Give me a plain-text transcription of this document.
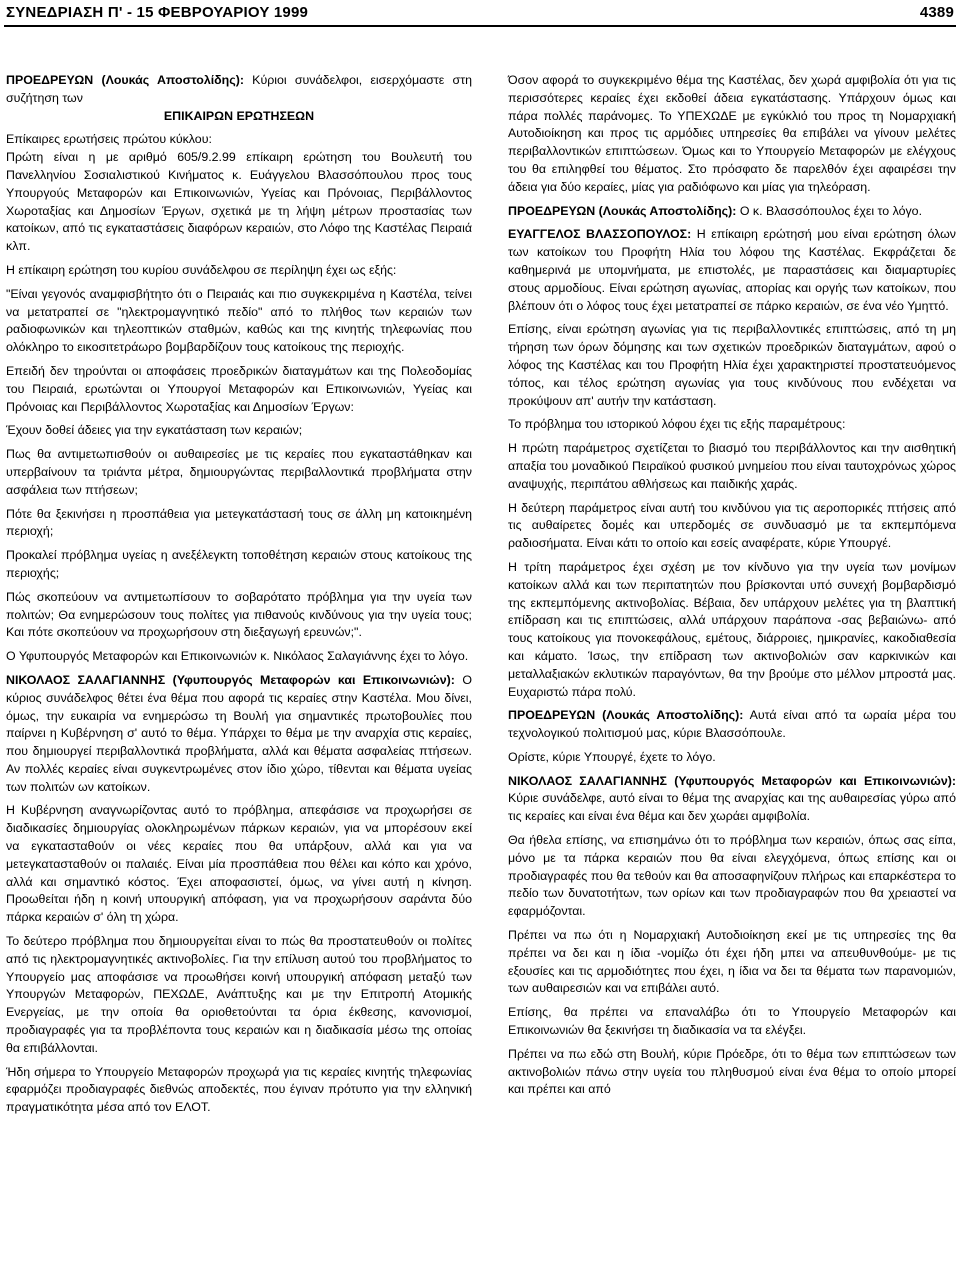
ΣΥΝΕΔΡΙΑΣΗ Π' - 15 ΦΕΒΡΟΥΑΡΙΟΥ 1999	4389

ΠΡΟΕΔΡΕΥΩΝ (Λουκάς Αποστολίδης): Κύριοι συνάδελφοι, εισερχόμαστε στη συζήτηση των

ΕΠΙΚΑΙΡΩΝ ΕΡΩΤΗΣΕΩΝ

Επίκαιρες ερωτήσεις πρώτου κύκλου:

Πρώτη είναι η με αριθμό 605/9.2.99 επίκαιρη ερώτηση του Βουλευτή του Πανελληνίου Σοσιαλιστικού Κινήματος κ. Ευάγγελου Βλασσόπουλου προς τους Υπουργούς Μεταφορών και Επικοινωνιών, Υγείας και Πρόνοιας, Περιβάλλοντος Χωροταξίας και Δημοσίων Έργων, σχετικά με τη λήψη μέτρων προστασίας των κατοίκων, από τις εγκαταστάσεις διαφόρων κεραιών, στο Λόφο της Καστέλας Πειραιά κλπ.

Η επίκαιρη ερώτηση του κυρίου συνάδελφου σε περίληψη έχει ως εξής:

"Είναι γεγονός αναμφισβήτητο ότι ο Πειραιάς και πιο συγκεκριμένα η Καστέλα, τείνει να μετατραπεί σε "ηλεκτρομαγνητικό πεδίο" από το πλήθος των κεραιών των ραδιοφωνικών και τηλεοπτικών σταθμών, καθώς και της κινητής τηλεφωνίας που ολόκληρο το εικοσιτετράωρο βομβαρδίζουν τους κατοίκους της περιοχής.

Επειδή δεν τηρούνται οι αποφάσεις προεδρικών διαταγμάτων και της Πολεοδομίας του Πειραιά, ερωτώνται οι Υπουργοί Μεταφορών και Επικοινωνιών, Υγείας και Πρόνοιας και Περιβάλλοντος Χωροταξίας και Δημοσίων Έργων:

Έχουν δοθεί άδειες για την εγκατάσταση των κεραιών;

Πως θα αντιμετωπισθούν οι αυθαιρεσίες με τις κεραίες που εγκαταστάθηκαν και υπερβαίνουν τα τριάντα μέτρα, δημιουργώντας περιβαλλοντικά προβλήματα στην ασφάλεια των πτήσεων;

Πότε θα ξεκινήσει η προσπάθεια για μετεγκατάστασή τους σε άλλη μη κατοικημένη περιοχή;

Προκαλεί πρόβλημα υγείας η ανεξέλεγκτη τοποθέτηση κεραιών στους κατοίκους της περιοχής;

Πώς σκοπεύουν να αντιμετωπίσουν το σοβαρότατο πρόβλημα για την υγεία των πολιτών; Θα ενημερώσουν τους πολίτες για πιθανούς κινδύνους για την υγεία τους; Και πότε σκοπεύουν να προχωρήσουν στη διεξαγωγή ερευνών;".

Ο Υφυπουργός Μεταφορών και Επικοινωνιών κ. Νικόλαος Σαλαγιάννης έχει το λόγο.

ΝΙΚΟΛΑΟΣ ΣΑΛΑΓΙΑΝΝΗΣ (Υφυπουργός Μεταφορών και Επικοινωνιών): Ο κύριος συνάδελφος θέτει ένα θέμα που αφορά τις κεραίες στην Καστέλα. Μου δίνει, όμως, την ευκαιρία να ενημερώσω τη Βουλή για σημαντικές πρωτοβουλίες που παίρνει η Κυβέρνηση σ' αυτό το θέμα. Υπάρχει το θέμα με την αναρχία στις κεραίες, που δημιουργεί περιβαλλοντικά προβλήματα, αλλά και θέματα ασφαλείας πτήσεων. Αν πολλές κεραίες είναι συγκεντρωμένες στον ίδιο χώρο, τίθενται και θέματα υγείας των πολιτών ων κατοίκων.

Η Κυβέρνηση αναγνωρίζοντας αυτό το πρόβλημα, απεφάσισε να προχωρήσει σε διαδικασίες δημιουργίας ολοκληρωμένων πάρκων κεραιών, για να μπορέσουν εκεί να εγκατασταθούν οι νέες κεραίες που θα υπάρξουν, αλλά και για να μετεγκατασταθούν οι παλαιές. Είναι μία προσπάθεια που θέλει και κόπο και χρόνο, αλλά και σημαντικό κόστος. Έχει αποφασιστεί, όμως, να γίνει αυτή η κίνηση. Προωθείται ήδη η κοινή υπουργική απόφαση, για να προχωρήσουν σαράντα δύο πάρκα κεραιών σ' όλη τη χώρα.

Το δεύτερο πρόβλημα που δημιουργείται είναι το πώς θα προστατευθούν οι πολίτες από τις ηλεκτρομαγνητικές ακτινοβολίες. Για την επίλυση αυτού του προβλήματος το Υπουργείο μας αποφάσισε να προωθήσει κοινή υπουργική απόφαση μεταξύ των Υπουργών Μεταφορών, ΠΕΧΩΔΕ, Ανάπτυξης και με την Επιτροπή Ατομικής Ενεργείας, με την οποία θα οριοθετούνται τα όρια έκθεσης, κανονισμοί, προδιαγραφές για τα προβλέποντα τους κεραιών και η διαδικασία μέσω της οποίας θα επιβάλλονται.

Ήδη σήμερα το Υπουργείο Μεταφορών προχωρά για τις κεραίες κινητής τηλεφωνίας εφαρμόζει προδιαγραφές διεθνώς αποδεκτές, που έγιναν πρότυπο για την ελληνική πραγματικότητα μέσα από τον ΕΛΟΤ.

Όσον αφορά το συγκεκριμένο θέμα της Καστέλας, δεν χωρά αμφιβολία ότι για τις περισσότερες κεραίες έχει εκδοθεί άδεια εγκατάστασης. Υπάρχουν όμως και πάρα πολλές παράνομες. Το ΥΠΕΧΩΔΕ με εγκύκλιό του προς τη Νομαρχιακή Αυτοδιοίκηση και προς τις αρμόδιες υπηρεσίες θα επιβάλει να γίνουν μελέτες περιβαλλοντικών επιπτώσεων. Όμως και το Υπουργείο Μεταφορών με ελέγχους του θα επιληφθεί του θέματος. Στο πρόσφατο δε παρελθόν έχει αφαιρέσει την άδεια για δύο κεραίες, μίας για ραδιόφωνο και μίας για τηλεόραση.

ΠΡΟΕΔΡΕΥΩΝ (Λουκάς Αποστολίδης): Ο κ. Βλασσόπουλος έχει το λόγο.

ΕΥΑΓΓΕΛΟΣ ΒΛΑΣΣΟΠΟΥΛΟΣ: Η επίκαιρη ερώτησή μου είναι ερώτηση όλων των κατοίκων του Προφήτη Ηλία του λόφου της Καστέλας. Εκφράζεται δε καθημερινά με υπομνήματα, με επιστολές, με παραστάσεις και διαμαρτυρίες στους αρμοδίους. Είναι ερώτηση αγωνίας, απορίας και οργής των κατοίκων, που βλέπουν ότι ο λόφος τους έχει μετατραπεί σε πάρκο κεραιών, σε ένα νέο Υμηττό.

Επίσης, είναι ερώτηση αγωνίας για τις περιβαλλοντικές επιπτώσεις, από τη μη τήρηση των όρων δόμησης και των σχετικών προεδρικών διαταγμάτων, αφού ο λόφος της Καστέλας και του Προφήτη Ηλία έχει χαρακτηριστεί προστατευόμενος τόπος, και τέλος ερώτηση αγωνίας για τους κινδύνους που ενδέχεται να προκύψουν απ' αυτήν την κατάσταση.

Το πρόβλημα του ιστορικού λόφου έχει τις εξής παραμέτρους:

Η πρώτη παράμετρος σχετίζεται το βιασμό του περιβάλλοντος και την αισθητική απαξία του μοναδικού Πειραϊκού φυσικού μνημείου που είναι ταυτοχρόνως χώρος αναψυχής, περιπάτου αθλήσεως και παιδικής χαράς.

Η δεύτερη παράμετρος είναι αυτή του κινδύνου για τις αεροπορικές πτήσεις από τις αυθαίρετες δομές και υπερδομές σε συνδυασμό με τα εκπεμπόμενα ραδιοσήματα. Είναι κάτι το οποίο και εσείς αναφέρατε, κύριε Υπουργέ.

Η τρίτη παράμετρος έχει σχέση με τον κίνδυνο για την υγεία των μονίμων κατοίκων αλλά και των περιπατητών που βρίσκονται υπό συνεχή βομβαρδισμό της εκπεμπόμενης ακτινοβολίας. Βέβαια, δεν υπάρχουν μελέτες για τη βλαπτική επίδραση και τις επιπτώσεις, αλλά υπάρχουν παράπονα -σας βεβαιώνω- από τους κατοίκους για πονοκεφάλους, εμέτους, διάρροιες, ημικρανίες, κακοδιαθεσία και κάματο. Ίσως, την επίδραση των ακτινοβολιών σαν καρκινικών και μεταλλαξιακών εκλυτικών παραγόντων, θα την βρούμε στο μέλλον μπροστά μας. Ευχαριστώ πάρα πολύ.

ΠΡΟΕΔΡΕΥΩΝ (Λουκάς Αποστολίδης): Αυτά είναι από τα ωραία μέρα του τεχνολογικού πολιτισμού μας, κύριε Βλασσόπουλε.

Ορίστε, κύριε Υπουργέ, έχετε το λόγο.

ΝΙΚΟΛΑΟΣ ΣΑΛΑΓΙΑΝΝΗΣ (Υφυπουργός Μεταφορών και Επικοινωνιών): Κύριε συνάδελφε, αυτό είναι το θέμα της αναρχίας και της αυθαιρεσίας γύρω από τις κεραίες και είναι ένα θέμα και δεν χωράει αμφιβολία.

Θα ήθελα επίσης, να επισημάνω ότι το πρόβλημα των κεραιών, όπως σας είπα, μόνο με τα πάρκα κεραιών που θα είναι ελεγχόμενα, όπως επίσης και οι προδιαγραφές που θα τεθούν και θα αποσαφηνίζουν πλήρως και επαρκέστερα το πεδίο των δυνατοτήτων, των ορίων και των προδιαγραφών που θα χρειαστεί να εφαρμόζονται.

Πρέπει να πω ότι η Νομαρχιακή Αυτοδιοίκηση εκεί με τις υπηρεσίες της θα πρέπει να δει και η ίδια -νομίζω ότι έχει ήδη μπει να απευθυνθούμε- με τις εξουσίες και τις αρμοδιότητες που έχει, η ίδια να δει τα θέματα των παρανομιών, των αυθαιρεσιών και να επιβάλει αυτό.

Επίσης, θα πρέπει να επαναλάβω ότι το Υπουργείο Μεταφορών και Επικοινωνιών θα ξεκινήσει τη διαδικασία να τα ελέγξει.

Πρέπει να πω εδώ στη Βουλή, κύριε Πρόεδρε, ότι το θέμα των επιπτώσεων των ακτινοβολιών πάνω στην υγεία του πληθυσμού είναι ένα θέμα το οποίο μπορεί και πρέπει και από
